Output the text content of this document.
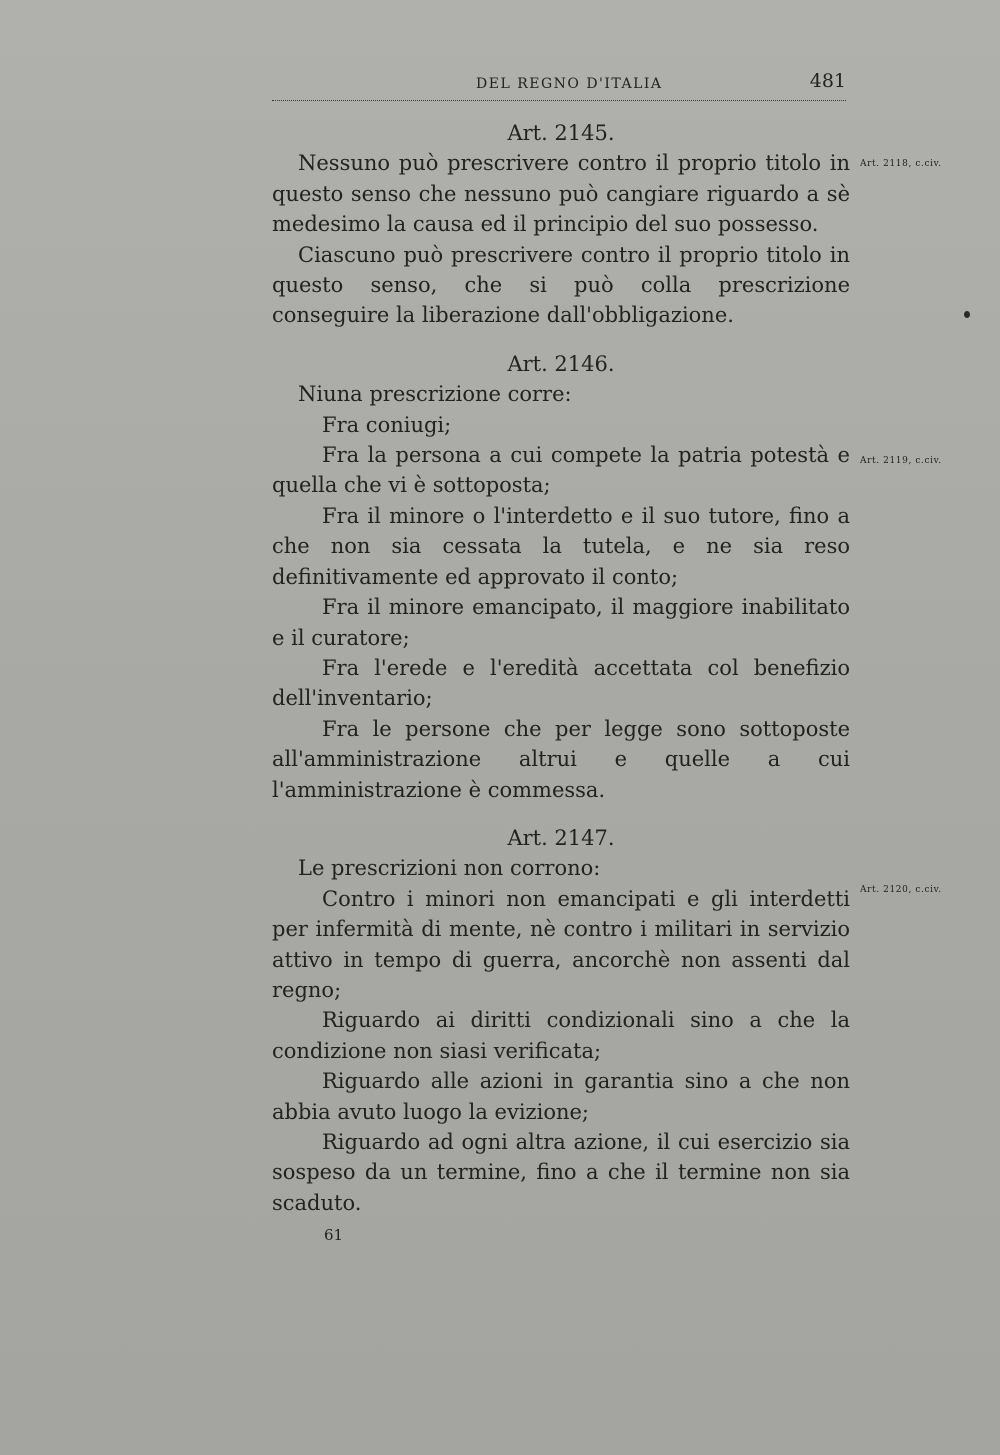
DEL REGNO D'ITALIA	481

Art. 2145.

Nessuno può prescrivere contro il proprio titolo in questo senso che nessuno può cangiare riguardo a sè medesimo la causa ed il principio del suo possesso.

Ciascuno può prescrivere contro il proprio titolo in questo senso, che si può colla prescrizione conseguire la liberazione dall'obbligazione.

Art. 2146.

Niuna prescrizione corre:

Fra coniugi;

Fra la persona a cui compete la patria potestà e quella che vi è sottoposta;

Fra il minore o l'interdetto e il suo tutore, fino a che non sia cessata la tutela, e ne sia reso definitivamente ed approvato il conto;

Fra il minore emancipato, il maggiore inabilitato e il curatore;

Fra l'erede e l'eredità accettata col benefizio dell'inventario;

Fra le persone che per legge sono sottoposte all'amministrazione altrui e quelle a cui l'amministrazione è commessa.

Art. 2147.

Le prescrizioni non corrono:

Contro i minori non emancipati e gli interdetti per infermità di mente, nè contro i militari in servizio attivo in tempo di guerra, ancorchè non assenti dal regno;

Riguardo ai diritti condizionali sino a che la condizione non siasi verificata;

Riguardo alle azioni in garantia sino a che non abbia avuto luogo la evizione;

Riguardo ad ogni altra azione, il cui esercizio sia sospeso da un termine, fino a che il termine non sia scaduto.

61
Art. 2118, c.civ.
Art. 2119, c.civ.
Art. 2120, c.civ.
